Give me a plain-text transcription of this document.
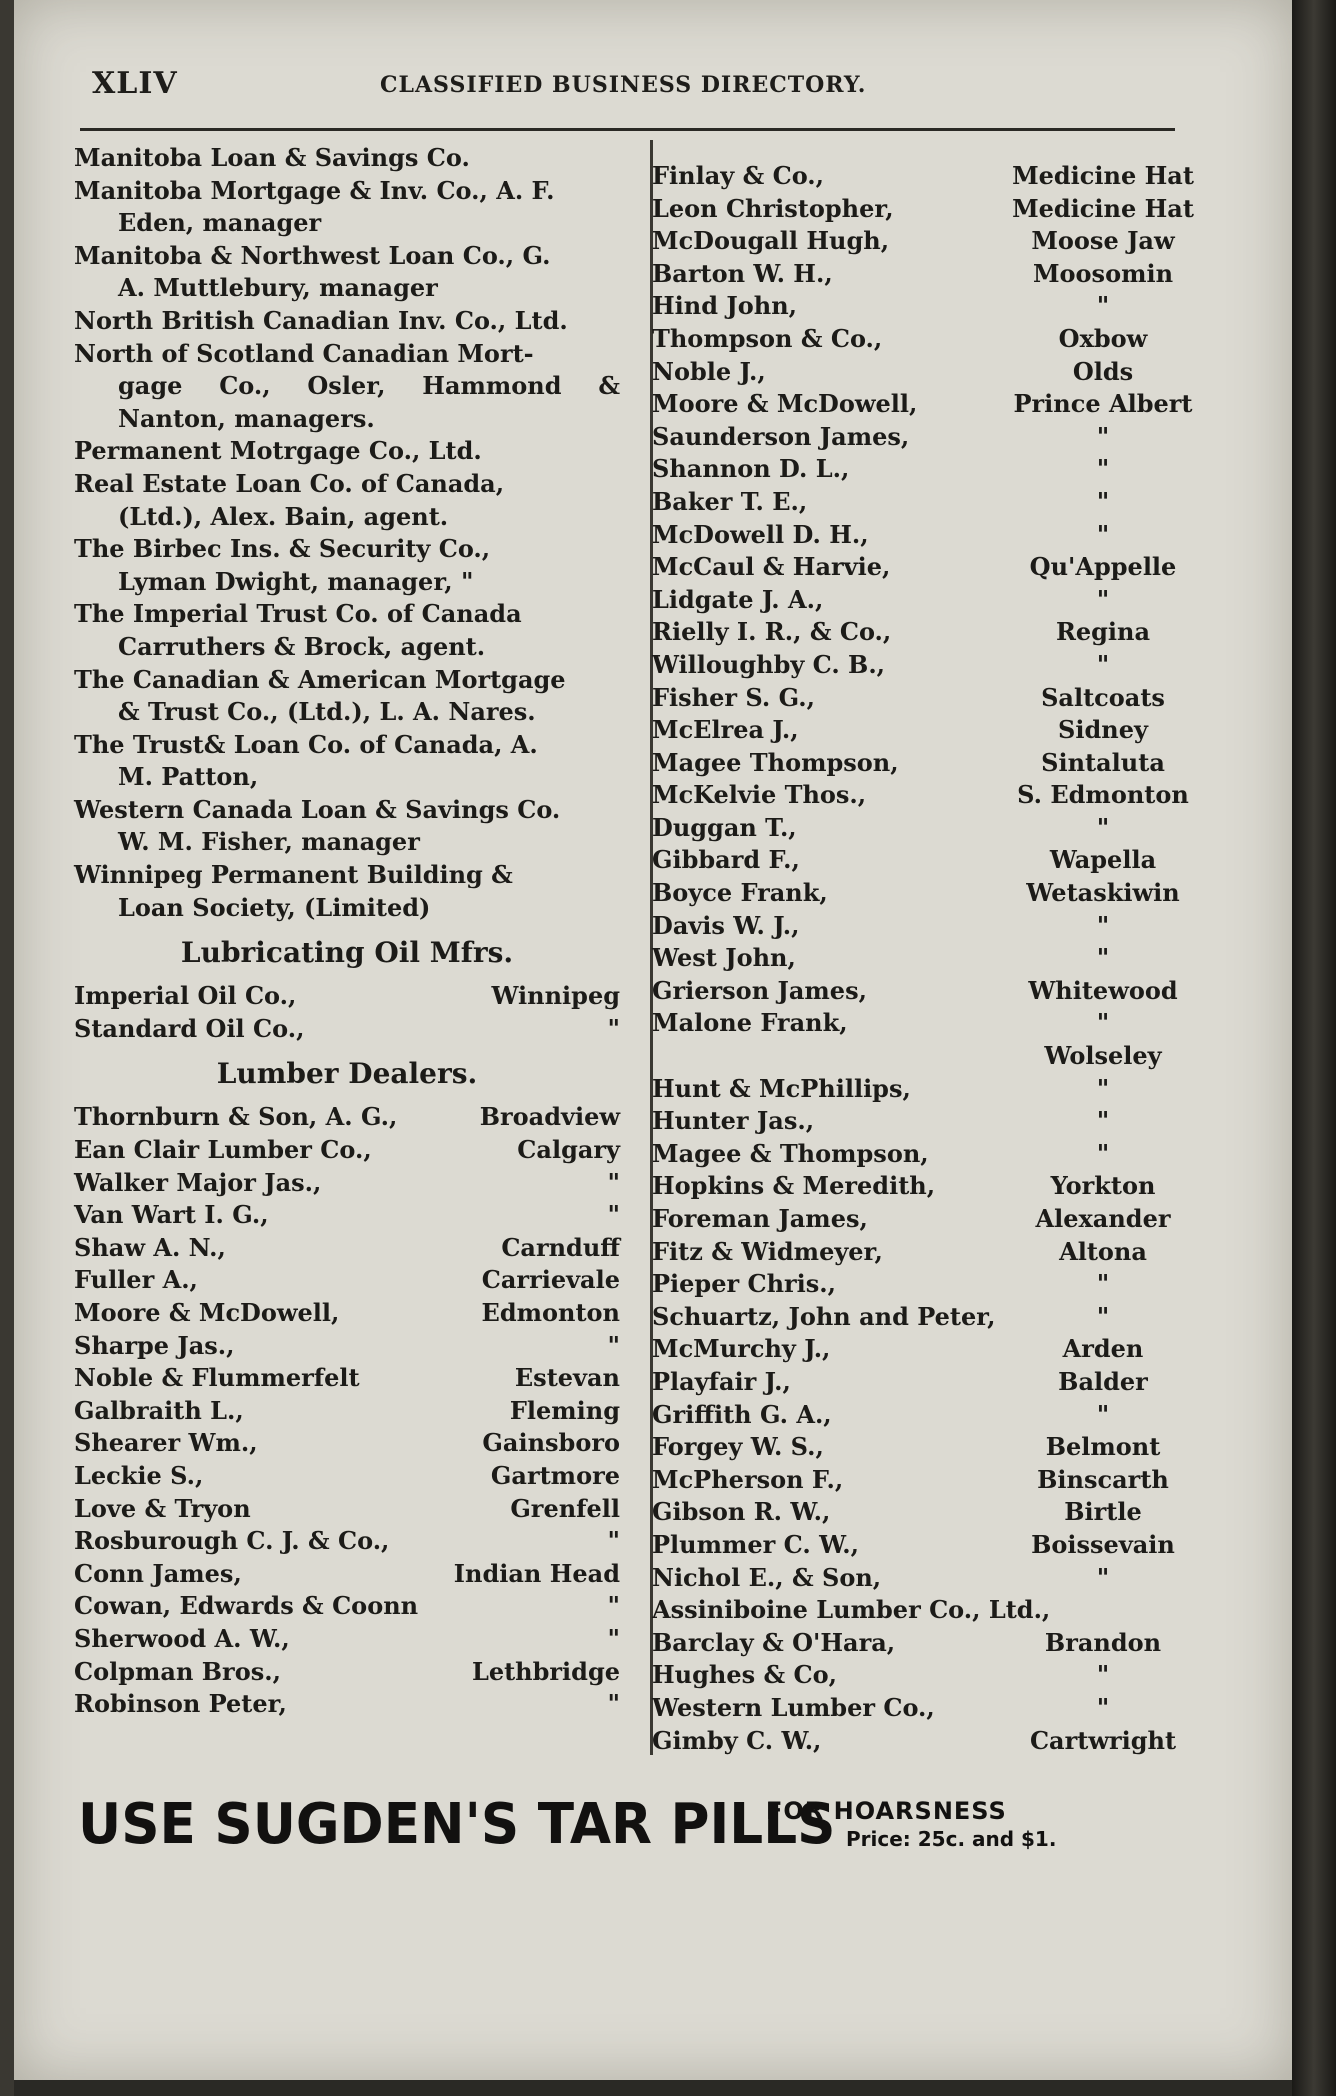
XLIV	CLASSIFIED BUSINESS DIRECTORY.
Manitoba Loan & Savings Co.
Manitoba Mortgage & Inv. Co., A. F.
Eden, manager
Manitoba & Northwest Loan Co., G.
A. Muttlebury, manager
North British Canadian Inv. Co., Ltd.
North of Scotland Canadian Mort-
gage Co., Osler, Hammond & Nanton, managers.
Permanent Motrgage Co., Ltd.
Real Estate Loan Co. of Canada,
(Ltd.), Alex. Bain, agent.
The Birbec Ins. & Security Co.,
Lyman Dwight, manager, "
The Imperial Trust Co. of Canada
Carruthers & Brock, agent.
The Canadian & American Mortgage
& Trust Co., (Ltd.), L. A. Nares.
The Trust& Loan Co. of Canada, A.
M. Patton,
Western Canada Loan & Savings Co.
W. M. Fisher, manager
Winnipeg Permanent Building &
Loan Society, (Limited)
Lubricating Oil Mfrs.
Imperial Oil Co.,	Winnipeg
Standard Oil Co.,	"
Lumber Dealers.
Thornburn & Son, A. G.,	Broadview
Ean Clair Lumber Co.,	Calgary
Walker Major Jas.,	"
Van Wart I. G.,	"
Shaw A. N.,	Carnduff
Fuller A.,	Carrievale
Moore & McDowell,	Edmonton
Sharpe Jas.,	"
Noble & Flummerfelt	Estevan
Galbraith L.,	Fleming
Shearer Wm.,	Gainsboro
Leckie S.,	Gartmore
Love & Tryon	Grenfell
Rosburough C. J. & Co.,	"
Conn James,	Indian Head
Cowan, Edwards & Coonn	"
Sherwood A. W.,	"
Colpman Bros.,	Lethbridge
Robinson Peter,	"
Finlay & Co.,	Medicine Hat
Leon Christopher,	Medicine Hat
McDougall Hugh,	Moose Jaw
Barton W. H.,	Moosomin
Hind John,	"
Thompson & Co.,	Oxbow
Noble J.,	Olds
Moore & McDowell,	Prince Albert
Saunderson James,	"
Shannon D. L.,	"
Baker T. E.,	"
McDowell D. H.,	"
McCaul & Harvie,	Qu'Appelle
Lidgate J. A.,	"
Rielly I. R., & Co.,	Regina
Willoughby C. B.,	"
Fisher S. G.,	Saltcoats
McElrea J.,	Sidney
Magee Thompson,	Sintaluta
McKelvie Thos.,	S. Edmonton
Duggan T.,	"
Gibbard F.,	Wapella
Boyce Frank,	Wetaskiwin
Davis W. J.,	"
West John,	"
Grierson James,	Whitewood
Malone Frank,	"
Wolseley
Hunt & McPhillips,	"
Hunter Jas.,	"
Magee & Thompson,	"
Hopkins & Meredith,	Yorkton
Foreman James,	Alexander
Fitz & Widmeyer,	Altona
Pieper Chris.,	"
Schuartz, John and Peter,	"
McMurchy J.,	Arden
Playfair J.,	Balder
Griffith G. A.,	"
Forgey W. S.,	Belmont
McPherson F.,	Binscarth
Gibson R. W.,	Birtle
Plummer C. W.,	Boissevain
Nichol E., & Son,	"
Assiniboine Lumber Co., Ltd.,
Barclay & O'Hara,	Brandon
Hughes & Co,	"
Western Lumber Co.,	"
Gimby C. W.,	Cartwright
USE SUGDEN'S TAR PILLS
FOR HOARSNESS
Price: 25c. and $1.
